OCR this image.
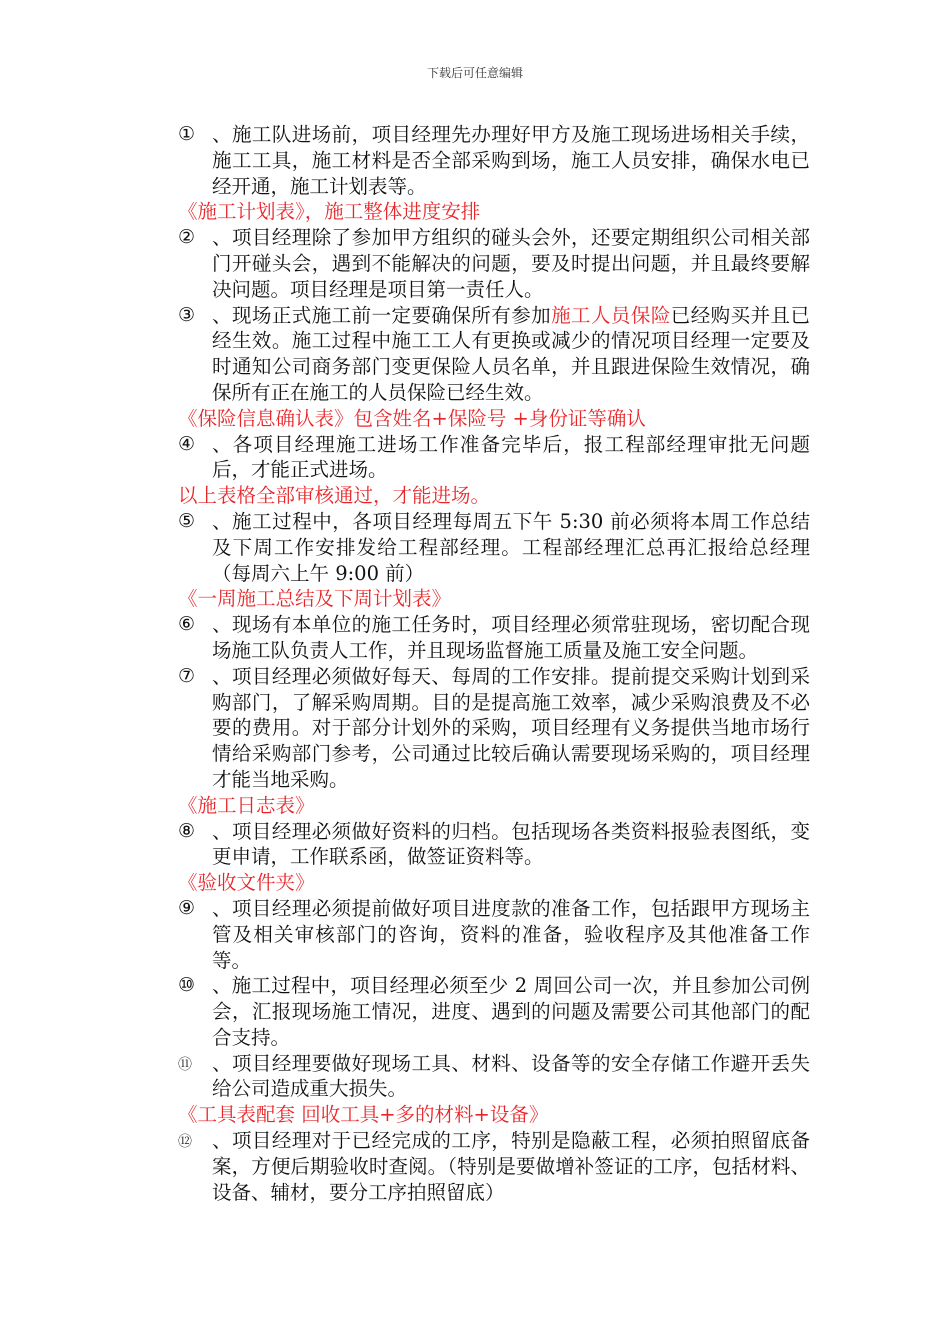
下载后可任意编辑
① 、施工队进场前，项目经理先办理好甲方及施工现场进场相关手续，施工工具，施工材料是否全部采购到场，施工人员安排，确保水电已经开通，施工计划表等。
《施工计划表》，施工整体进度安排
② 、项目经理除了参加甲方组织的碰头会外，还要定期组织公司相关部门开碰头会，遇到不能解决的问题，要及时提出问题，并且最终要解决问题。项目经理是项目第一责任人。
③ 、现场正式施工前一定要确保所有参加施工人员保险已经购买并且已经生效。施工过程中施工工人有更换或减少的情况项目经理一定要及时通知公司商务部门变更保险人员名单，并且跟进保险生效情况，确保所有正在施工的人员保险已经生效。
《保险信息确认表》包含姓名+保险号 +身份证等确认
④ 、各项目经理施工进场工作准备完毕后，报工程部经理审批无问题后，才能正式进场。
以上表格全部审核通过，才能进场。
⑤ 、施工过程中，各项目经理每周五下午 5:30 前必须将本周工作总结及下周工作安排发给工程部经理。工程部经理汇总再汇报给总经理（每周六上午 9:00 前）
《一周施工总结及下周计划表》
⑥ 、现场有本单位的施工任务时，项目经理必须常驻现场，密切配合现场施工队负责人工作，并且现场监督施工质量及施工安全问题。
⑦ 、项目经理必须做好每天、每周的工作安排。提前提交采购计划到采购部门，了解采购周期。目的是提高施工效率，减少采购浪费及不必要的费用。对于部分计划外的采购，项目经理有义务提供当地市场行情给采购部门参考，公司通过比较后确认需要现场采购的，项目经理才能当地采购。
《施工日志表》
⑧ 、项目经理必须做好资料的归档。包括现场各类资料报验表图纸，变更申请，工作联系函，做签证资料等。
《验收文件夹》
⑨ 、项目经理必须提前做好项目进度款的准备工作，包括跟甲方现场主管及相关审核部门的咨询，资料的准备，验收程序及其他准备工作等。
⑩ 、施工过程中，项目经理必须至少 2 周回公司一次，并且参加公司例会，汇报现场施工情况，进度、遇到的问题及需要公司其他部门的配合支持。
⑪	、项目经理要做好现场工具、材料、设备等的安全存储工作避开丢失给公司造成重大损失。
《工具表配套 回收工具+多的材料+设备》
⑫	、项目经理对于已经完成的工序，特别是隐蔽工程，必须拍照留底备案，方便后期验收时查阅。（特别是要做增补签证的工序，包括材料、设备、辅材，要分工序拍照留底）
